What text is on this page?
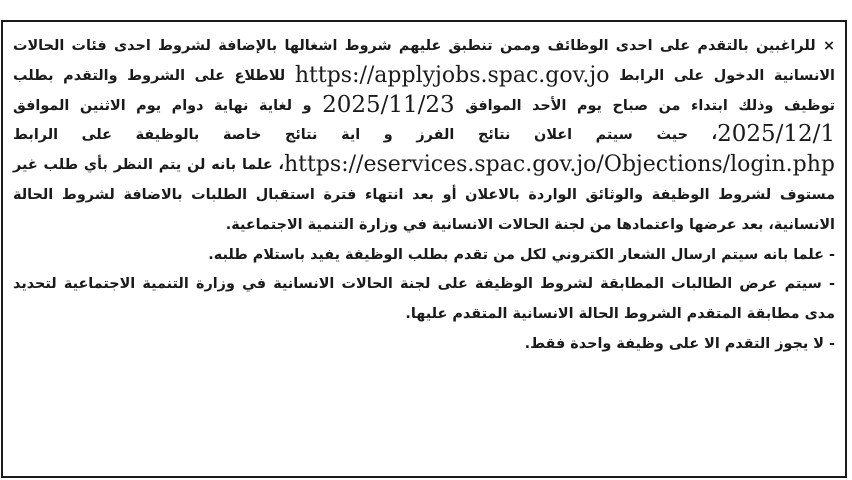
× للراغبين بالتقدم على احدى الوظائف وممن تنطبق عليهم شروط اشغالها بالإضافة لشروط احدى فئات الحالات الانسانية الدخول على الرابط https://applyjobs.spac.gov.jo للاطلاع على الشروط والتقدم بطلب توظيف وذلك ابتداء من صباح يوم الأحد الموافق 2025/11/23 و لغاية نهاية دوام يوم الاثنين الموافق 2025/12/1، حيث سيتم اعلان نتائج الفرز و اية نتائج خاصة بالوظيفة على الرابط https://eservices.spac.gov.jo/Objections/login.php، علما بانه لن يتم النظر بأي طلب غير مستوف لشروط الوظيفة والوثائق الواردة بالاعلان أو بعد انتهاء فترة استقبال الطلبات بالاضافة لشروط الحالة الانسانية، بعد عرضها واعتمادها من لجنة الحالات الانسانية في وزارة التنمية الاجتماعية.

- علما بانه سيتم ارسال الشعار الكتروني لكل من تقدم بطلب الوظيفة يفيد باستلام طلبه.

- سيتم عرض الطالبات المطابقة لشروط الوظيفة على لجنة الحالات الانسانية في وزارة التنمية الاجتماعية لتحديد مدى مطابقة المتقدم الشروط الحالة الانسانية المتقدم عليها.

- لا يجوز التقدم الا على وظيفة واحدة فقط.
